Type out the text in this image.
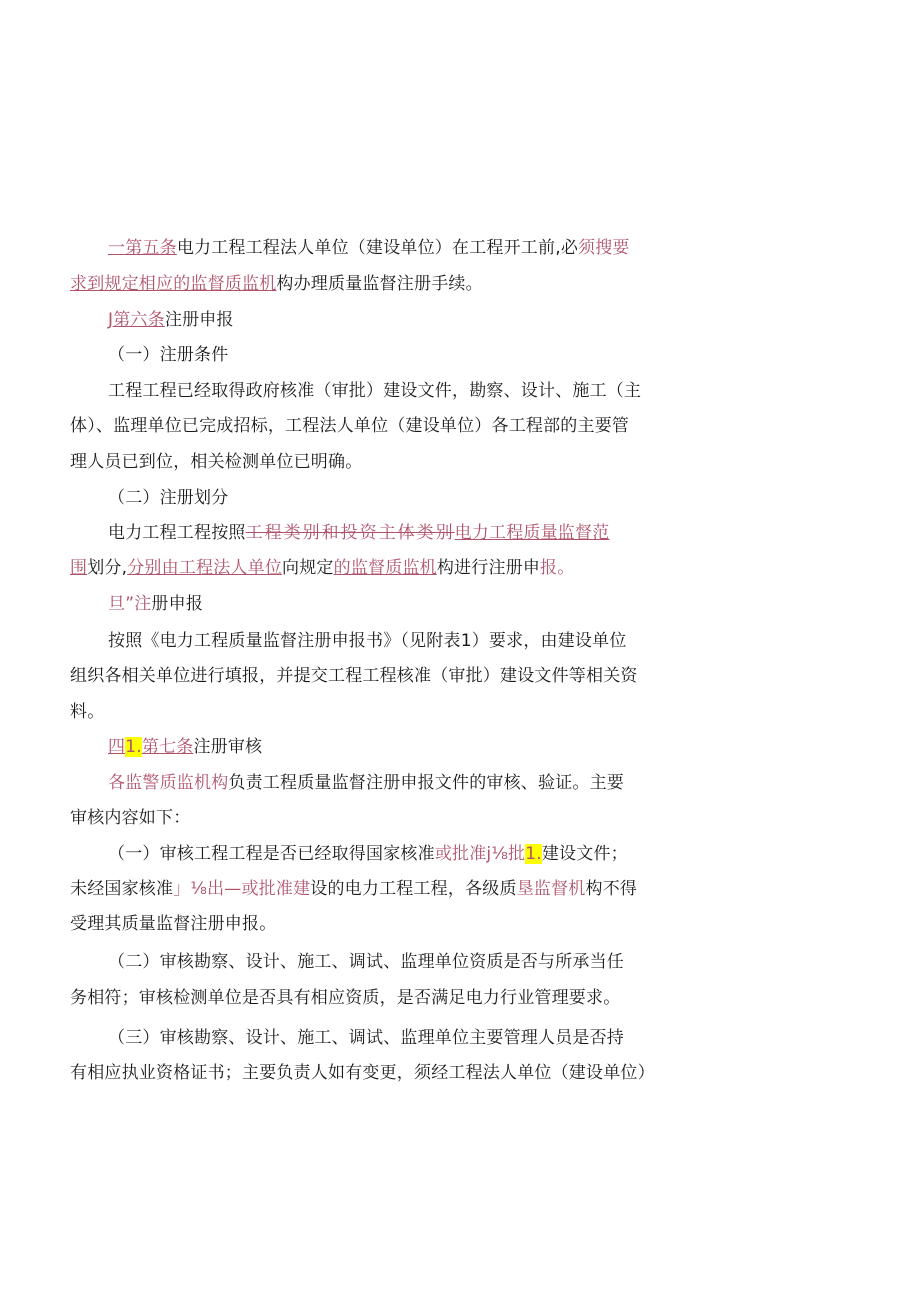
一第五条电力工程工程法人单位（建设单位）在工程开工前,必须搜要
求到规定相应的监督质监机构办理质量监督注册手续。
J第六条注册申报
（一）注册条件
工程工程已经取得政府核准（审批）建设文件，勘察、设计、施工（主
体）、监理单位已完成招标，工程法人单位（建设单位）各工程部的主要管
理人员已到位，相关检测单位已明确。
（二）注册划分
电力工程工程按照工程类别和投资主体类别电力工程质量监督范
围划分,分别由工程法人单位向规定的监督质监机构进行注册申报。
旦”注册申报
按照《电力工程质量监督注册申报书》（见附表1）要求，由建设单位
组织各相关单位进行填报，并提交工程工程核准（审批）建设文件等相关资
料。
四1.第七条注册审核
各监警质监机构负责工程质量监督注册申报文件的审核、验证。主要
审核内容如下：
（一）审核工程工程是否已经取得国家核准或批准j⅛批1.建设文件；
未经国家核准」⅛出—或批准建设的电力工程工程，各级质垦监督机构不得
受理其质量监督注册申报。
（二）审核勘察、设计、施工、调试、监理单位资质是否与所承当任
务相符；审核检测单位是否具有相应资质，是否满足电力行业管理要求。
（三）审核勘察、设计、施工、调试、监理单位主要管理人员是否持
有相应执业资格证书；主要负责人如有变更，须经工程法人单位（建设单位）
